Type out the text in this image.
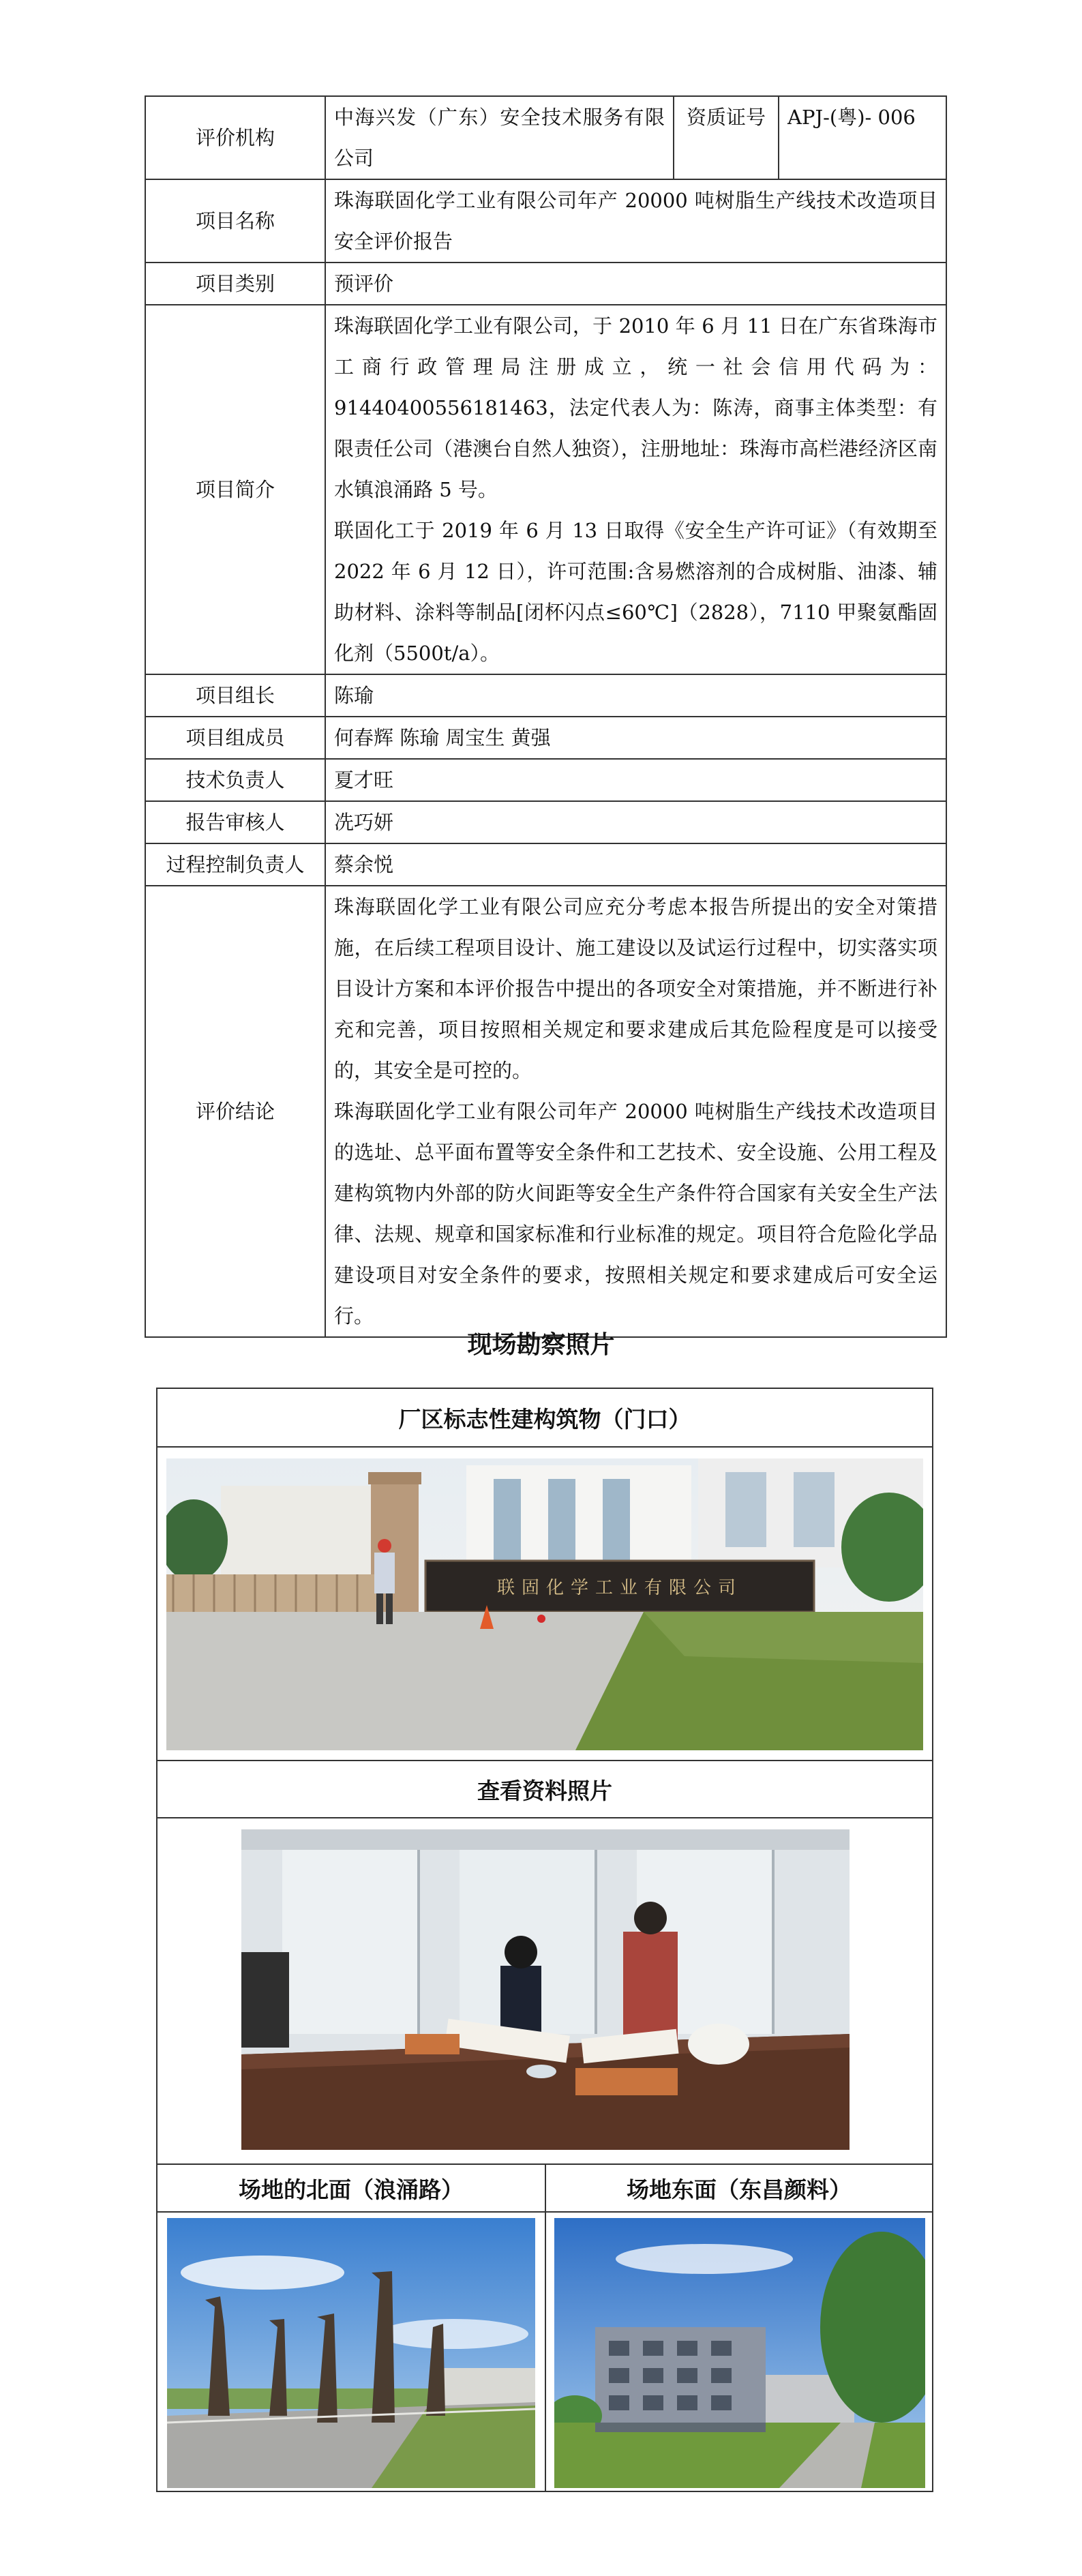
评价机构	中海兴发（广东）安全技术服务有限公司	资质证号	APJ-(粤)- 006
项目名称	珠海联固化学工业有限公司年产 20000 吨树脂生产线技术改造项目安全评价报告		
项目类别	预评价		
项目简介	珠海联固化学工业有限公司，于 2010 年 6 月 11 日在广东省珠海市工商行政管理局注册成立，统一社会信用代码为：91440400556181463，法定代表人为：陈涛，商事主体类型：有限责任公司（港澳台自然人独资），注册地址：珠海市高栏港经济区南水镇浪涌路 5 号。

联固化工于 2019 年 6 月 13 日取得《安全生产许可证》（有效期至 2022 年 6 月 12 日），许可范围:含易燃溶剂的合成树脂、油漆、辅助材料、涂料等制品[闭杯闪点≤60℃]（2828），7110 甲聚氨酯固化剂（5500t/a）。		

项目组长	陈瑜		
项目组成员	何春辉 陈瑜 周宝生 黄强		
技术负责人	夏才旺		
报告审核人	冼巧妍		
过程控制负责人	蔡余悦		
评价结论	珠海联固化学工业有限公司应充分考虑本报告所提出的安全对策措施，在后续工程项目设计、施工建设以及试运行过程中，切实落实项目设计方案和本评价报告中提出的各项安全对策措施，并不断进行补充和完善，项目按照相关规定和要求建成后其危险程度是可以接受的，其安全是可控的。

珠海联固化学工业有限公司年产 20000 吨树脂生产线技术改造项目的选址、总平面布置等安全条件和工艺技术、安全设施、公用工程及建构筑物内外部的防火间距等安全生产条件符合国家有关安全生产法律、法规、规章和国家标准和行业标准的规定。项目符合危险化学品建设项目对安全条件的要求，按照相关规定和要求建成后可安全运行。		

现场勘察照片
厂区标志性建构筑物（门口）
联固化学工业有限公司
查看资料照片
场地的北面（浪涌路）	场地东面（东昌颜料）
